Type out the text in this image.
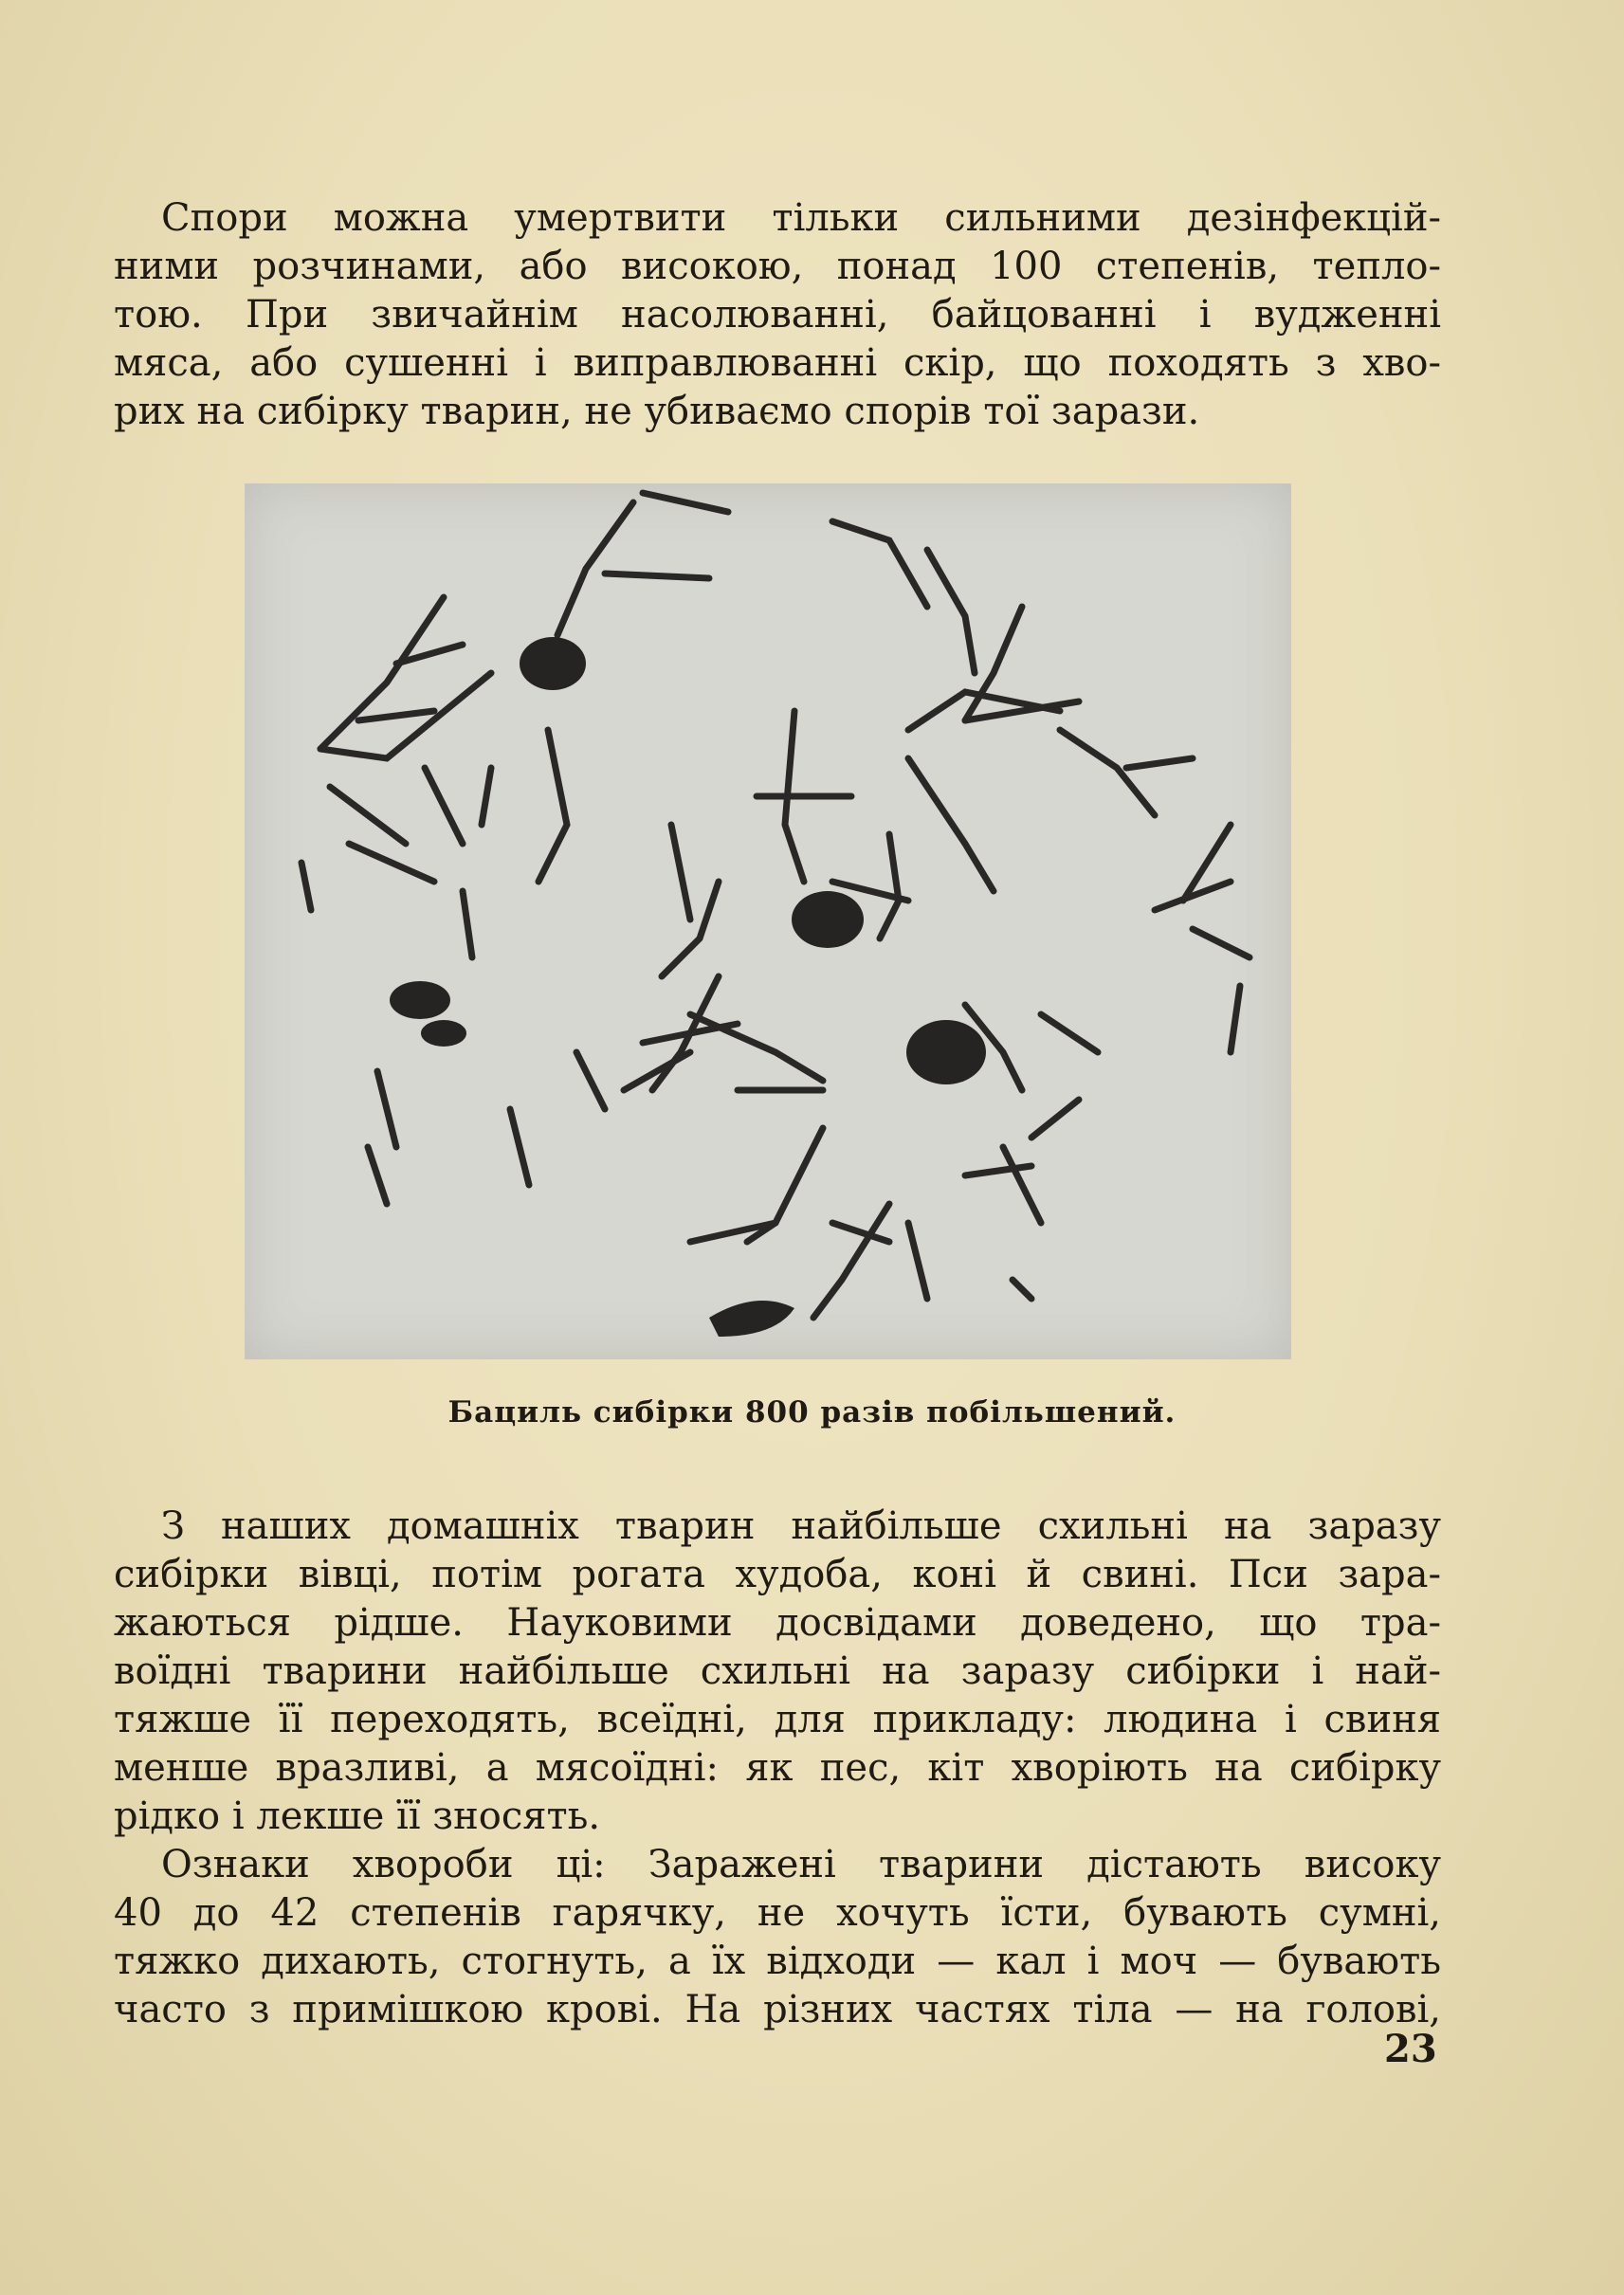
Спори можна умертвити тільки сильними дезінфекцій-
ними розчинами, або високою, понад 100 степенів, тепло-
тою. При звичайнім насолюванні, байцованні і вудженні
мяса, або сушенні і виправлюванні скір, що походять з хво-
рих на сибірку тварин, не убиваємо спорів тої зарази.
Бациль сибірки 800 разів побільшений.
З наших домашніх тварин найбільше схильні на заразу
сибірки вівці, потім рогата худоба, коні й свині. Пси зара-
жаються рідше. Науковими досвідами доведено, що тра-
воїдні тварини найбільше схильні на заразу сибірки і най-
тяжше її переходять, всеїдні, для прикладу: людина і свиня
менше вразливі, а мясоїдні: як пес, кіт хворіють на сибірку
рідко і лекше її зносять.
Ознаки хвороби ці: Заражені тварини дістають високу
40 до 42 степенів гарячку, не хочуть їсти, бувають сумні,
тяжко дихають, стогнуть, а їх відходи — кал і моч — бувають
часто з примішкою крові. На різних частях тіла — на голові,
23
